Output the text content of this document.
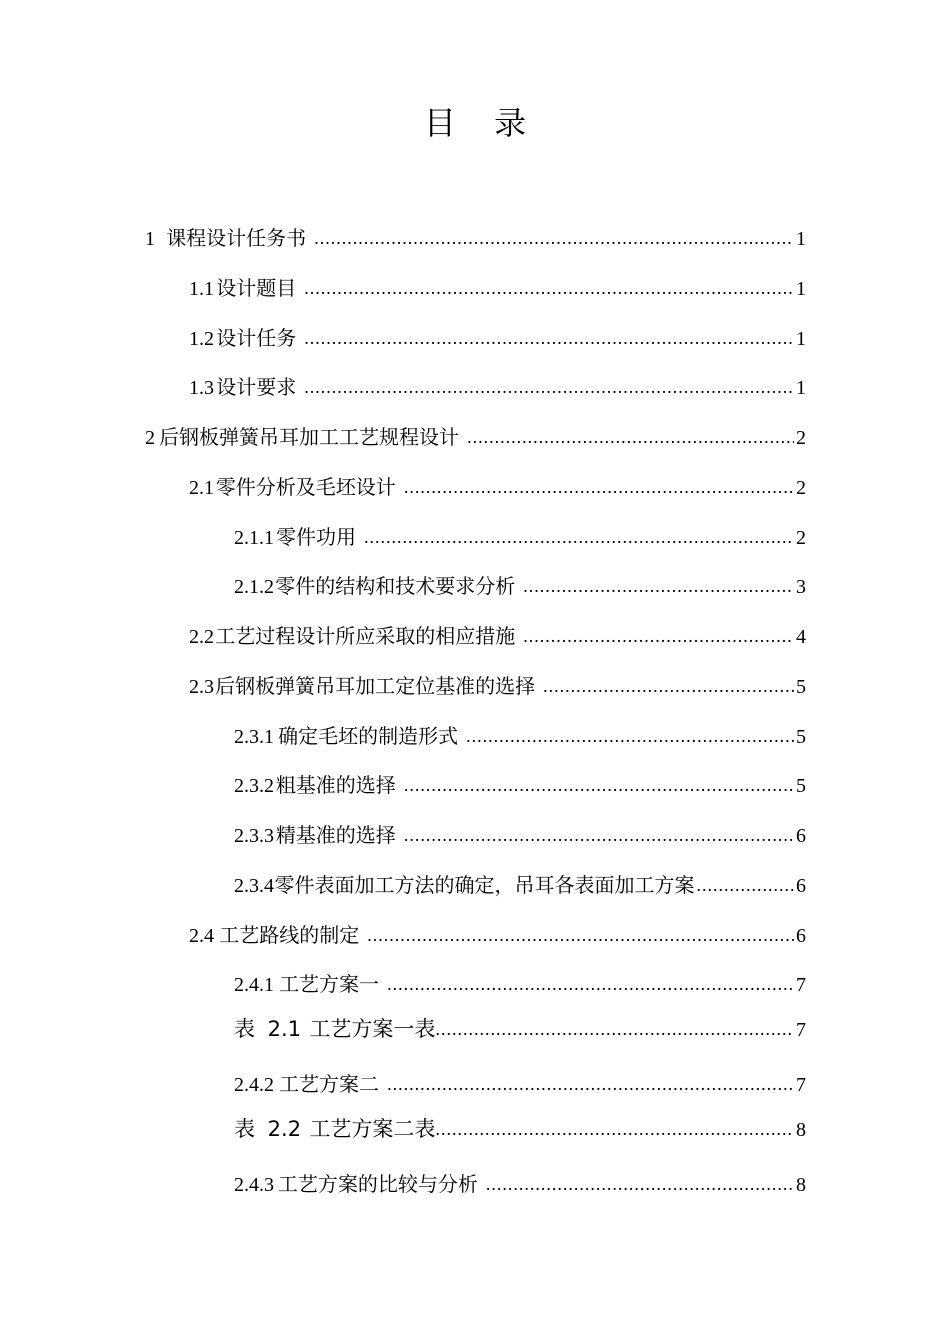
目 录
1 课程设计任务书 .....	1
1.1 设计题目 .....	1
1.2 设计任务 .....	1
1.3 设计要求 .....	1
2 后钢板弹簧吊耳加工工艺规程设计 .....	2
2.1 零件分析及毛坯设计 .....	2
2.1.1 零件功用 .....	2
2.1.2 零件的结构和技术要求分析 .....	3
2.2 工艺过程设计所应采取的相应措施 .....	4
2.3 后钢板弹簧吊耳加工定位基准的选择 .....	5
2.3.1 确定毛坯的制造形式 .....	5
2.3.2 粗基准的选择 .....	5
2.3.3 精基准的选择 .....	6
2.3.4 零件表面加工方法的确定，吊耳各表面加工方案 .....	6
2.4 工艺路线的制定 .....	6
2.4.1 工艺方案一 .....	7
表 2.1 工艺方案一表 .....	7
2.4.2 工艺方案二 .....	7
表 2.2 工艺方案二表 .....	8
2.4.3 工艺方案的比较与分析 .....	8
